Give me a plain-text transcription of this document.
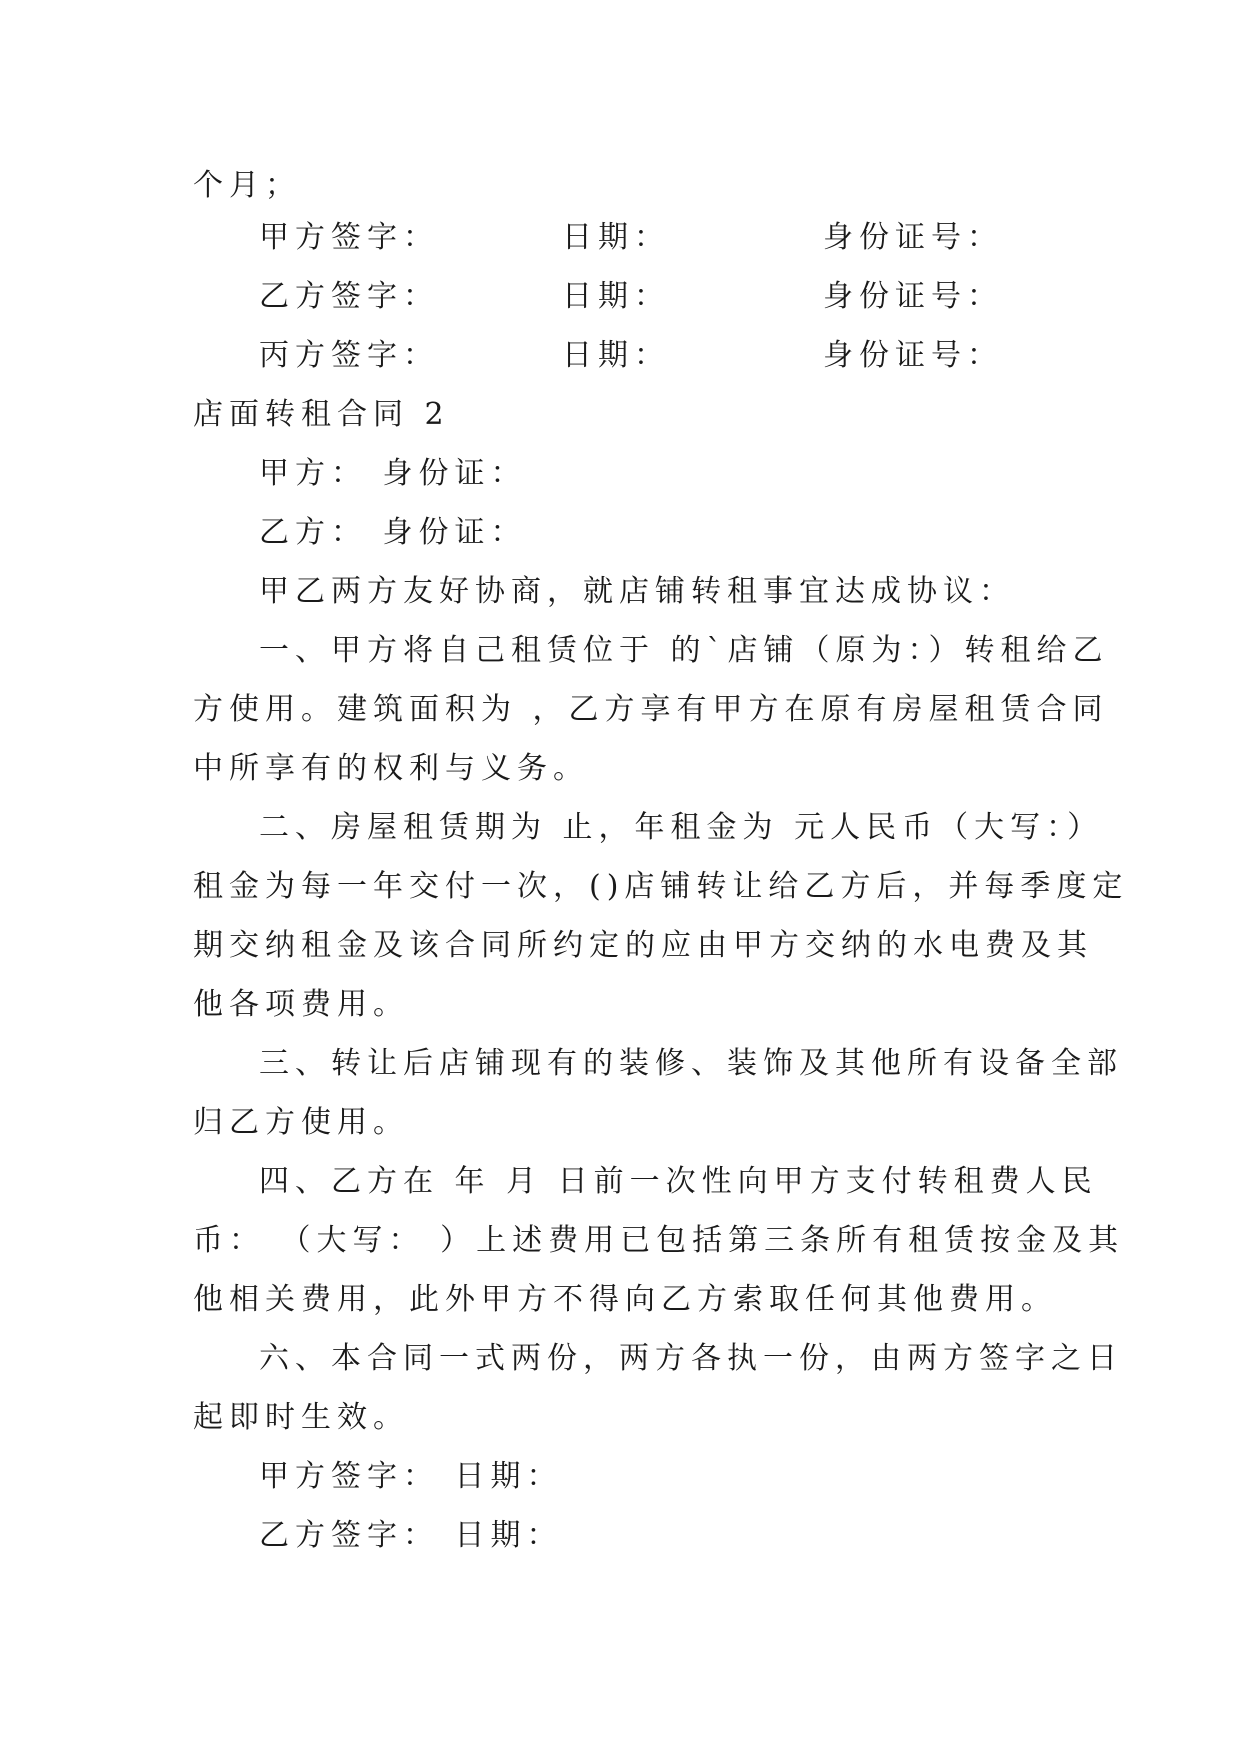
个月；
甲方签字：	日期：	身份证号：
乙方签字：	日期：	身份证号：
丙方签字：	日期：	身份证号：
店面转租合同 2
甲方： 身份证：
乙方： 身份证：
甲乙两方友好协商，就店铺转租事宜达成协议：
一、甲方将自己租赁位于 的`店铺（原为：）转租给乙
方使用。建筑面积为 ，乙方享有甲方在原有房屋租赁合同
中所享有的权利与义务。
二、房屋租赁期为 止，年租金为 元人民币（大写：）
租金为每一年交付一次，()店铺转让给乙方后，并每季度定
期交纳租金及该合同所约定的应由甲方交纳的水电费及其
他各项费用。
三、转让后店铺现有的装修、装饰及其他所有设备全部
归乙方使用。
四、乙方在 年 月 日前一次性向甲方支付转租费人民
币： （大写： ）上述费用已包括第三条所有租赁按金及其
他相关费用，此外甲方不得向乙方索取任何其他费用。
六、本合同一式两份，两方各执一份，由两方签字之日
起即时生效。
甲方签字： 日期：
乙方签字： 日期：
